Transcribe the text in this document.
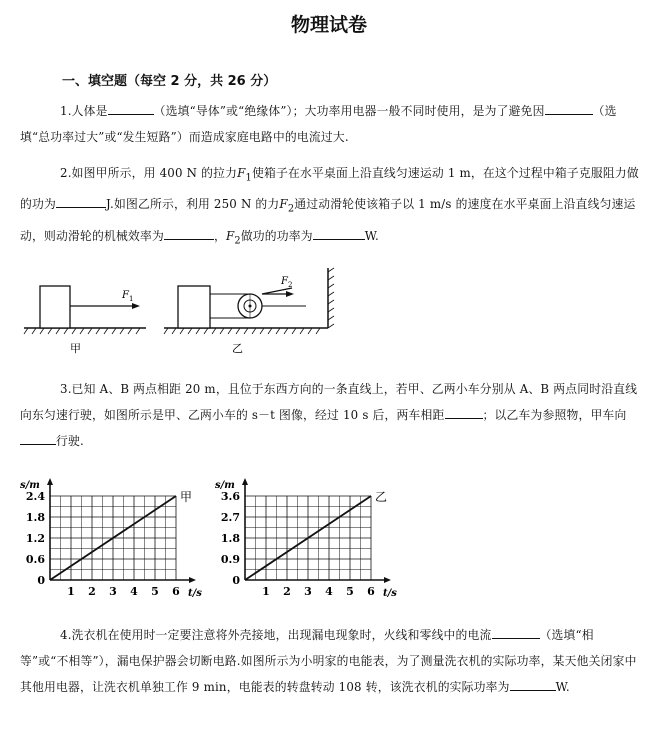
物理试卷
一、填空题（每空 2 分，共 26 分）
1.人体是	（选填“导体”或“绝缘体”）；大功率用电器一般不同时使用，是为了避免因	（选填“总功率过大”或“发生短路”）而造成家庭电路中的电流过大.
2.如图甲所示，用 400 N 的拉力$F_1$使箱子在水平桌面上沿直线匀速运动 1 m，在这个过程中箱子克服阻力做的功为	J.如图乙所示，利用 250 N 的力$F_2$通过动滑轮使该箱子以 1 m/s 的速度在水平桌面上沿直线匀速运动，则动滑轮的机械效率为	，$F_2$做功的功率为	W.
F 1
甲
F 2
乙
3.已知 A、B 两点相距 20 m，且位于东西方向的一条直线上，若甲、乙两小车分别从 A、B 两点同时沿直线向东匀速行驶，如图所示是甲、乙两小车的 s－t 图像，经过 10 s 后，两车相距	；以乙车为参照物，甲车向行驶.
0
0.6
1.2
1.8
2.4
1 2 3 4 5 6
s/m
t/s
甲
0
0.9
1.8
2.7
3.6
1 2 3 4 5 6
s/m
t/s
乙
4.洗衣机在使用时一定要注意将外壳接地，出现漏电现象时，火线和零线中的电流	（选填“相等”或“不相等”），漏电保护器会切断电路.如图所示为小明家的电能表，为了测量洗衣机的实际功率，某天他关闭家中其他用电器，让洗衣机单独工作 9 min，电能表的转盘转动 108 转，该洗衣机的实际功率为	W.
